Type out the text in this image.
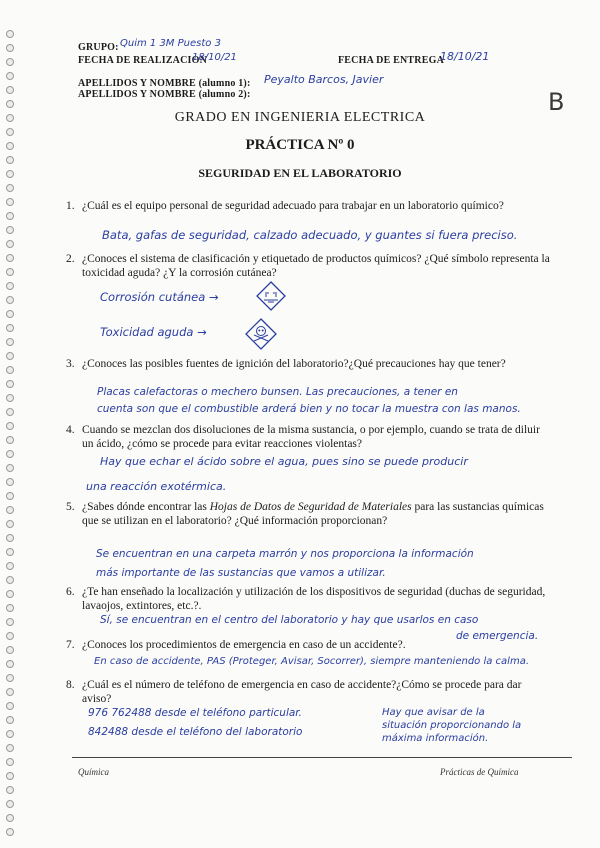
GRUPO: Quim 1 3M Puesto 3
FECHA DE REALIZACION
18/10/21	FECHA DE ENTREGA
18/10/21
APELLIDOS Y NOMBRE (alumno 1): Peyalto Barcos, Javier
APELLIDOS Y NOMBRE (alumno 2):	B
GRADO EN INGENIERIA ELECTRICA
PRÁCTICA Nº 0
SEGURIDAD EN EL LABORATORIO
1. ¿Cuál es el equipo personal de seguridad adecuado para trabajar en un laboratorio químico?
Bata, gafas de seguridad, calzado adecuado, y guantes si fuera preciso.
2. ¿Conoces el sistema de clasificación y etiquetado de productos químicos? ¿Qué símbolo representa la toxicidad aguda? ¿Y la corrosión cutánea?
Corrosión cutánea →
Toxicidad aguda →
3. ¿Conoces las posibles fuentes de ignición del laboratorio?¿Qué precauciones hay que tener?
Placas calefactoras o mechero bunsen. Las precauciones, a tener en
cuenta son que el combustible arderá bien y no tocar la muestra con las manos.
4. Cuando se mezclan dos disoluciones de la misma sustancia, o por ejemplo, cuando se trata de diluir un ácido, ¿cómo se procede para evitar reacciones violentas?
Hay que echar el ácido sobre el agua, pues sino se puede producir
una reacción exotérmica.
5. ¿Sabes dónde encontrar las Hojas de Datos de Seguridad de Materiales para las sustancias químicas que se utilizan en el laboratorio? ¿Qué información proporcionan?
Se encuentran en una carpeta marrón y nos proporciona la información
más importante de las sustancias que vamos a utilizar.
6. ¿Te han enseñado la localización y utilización de los dispositivos de seguridad (duchas de seguridad, lavaojos, extintores, etc.?.
Sí, se encuentran en el centro del laboratorio y hay que usarlos en caso
de emergencia.
7. ¿Conoces los procedimientos de emergencia en caso de un accidente?.
En caso de accidente, PAS (Proteger, Avisar, Socorrer), siempre manteniendo la calma.
8. ¿Cuál es el número de teléfono de emergencia en caso de accidente?¿Cómo se procede para dar aviso?
976 762488 desde el teléfono particular.
842488 desde el teléfono del laboratorio
Hay que avisar de la
situación proporcionando la
máxima información.
Química	Prácticas de Química
